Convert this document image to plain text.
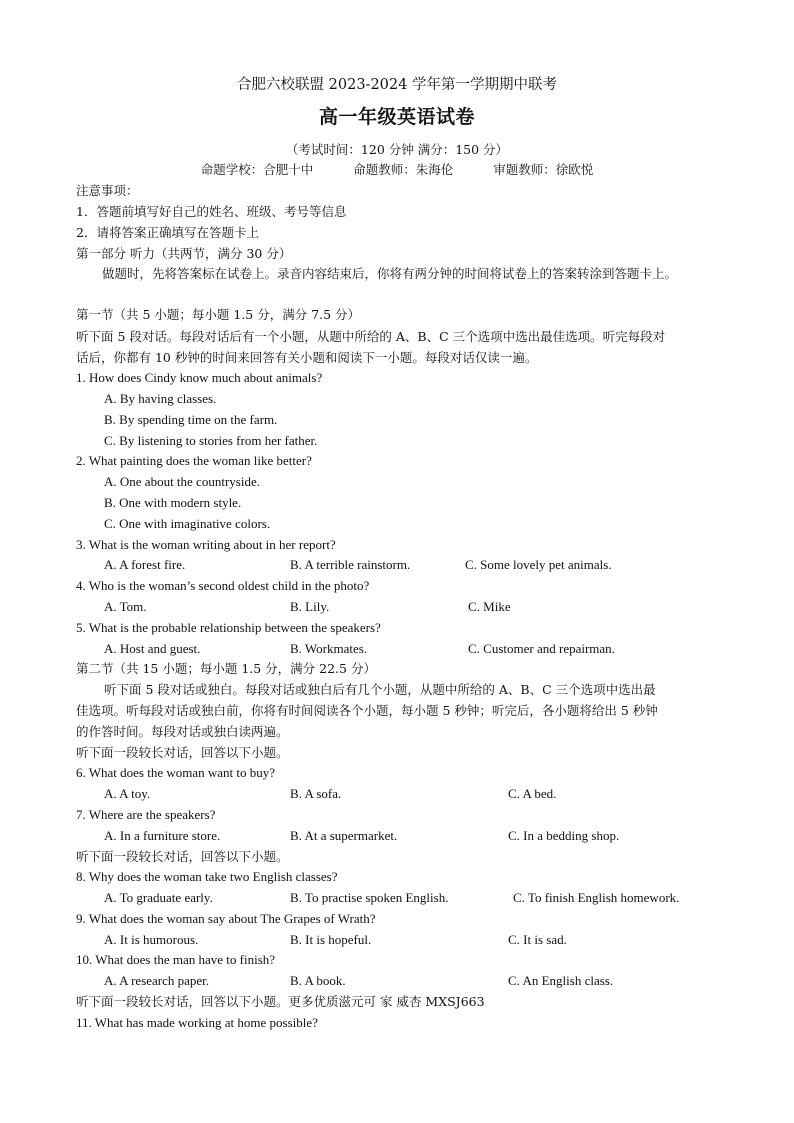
合肥六校联盟 2023-2024 学年第一学期期中联考
高一年级英语试卷
（考试时间：120 分钟 满分：150 分）
命题学校：合肥十中	命题教师：朱海伦	审题教师：徐欧悦
注意事项：
1．答题前填写好自己的姓名、班级、考号等信息
2．请将答案正确填写在答题卡上
第一部分 听力（共两节，满分 30 分）
做题时，先将答案标在试卷上。录音内容结束后，你将有两分钟的时间将试卷上的答案转涂到答题卡上。
第一节（共 5 小题；每小题 1.5 分，满分 7.5 分）
听下面 5 段对话。每段对话后有一个小题，从题中所给的 A、B、C 三个选项中选出最佳选项。听完每段对
话后，你都有 10 秒钟的时间来回答有关小题和阅读下一小题。每段对话仅读一遍。
1. How does Cindy know much about animals?
A. By having classes.
B. By spending time on the farm.
C. By listening to stories from her father.
2. What painting does the woman like better?
A. One about the countryside.
B. One with modern style.
C. One with imaginative colors.
3. What is the woman writing about in her report?
A. A forest fire.	B. A terrible rainstorm.	C. Some lovely pet animals.
4. Who is the woman’s second oldest child in the photo?
A. Tom.	B. Lily.	C. Mike
5. What is the probable relationship between the speakers?
A. Host and guest.	B. Workmates.	C. Customer and repairman.
第二节（共 15 小题；每小题 1.5 分，满分 22.5 分）
听下面 5 段对话或独白。每段对话或独白后有几个小题，从题中所给的 A、B、C 三个选项中选出最
佳选项。听每段对话或独白前，你将有时间阅读各个小题，每小题 5 秒钟；听完后，各小题将给出 5 秒钟
的作答时间。每段对话或独白读两遍。
听下面一段较长对话，回答以下小题。
6. What does the woman want to buy?
A. A toy.	B. A sofa.	C. A bed.
7. Where are the speakers?
A. In a furniture store.	B. At a supermarket.	C. In a bedding shop.
听下面一段较长对话，回答以下小题。
8. Why does the woman take two English classes?
A. To graduate early.	B. To practise spoken English.	C. To finish English homework.
9. What does the woman say about The Grapes of Wrath?
A. It is humorous.	B. It is hopeful.	C. It is sad.
10. What does the man have to finish?
A. A research paper.	B. A book.	C. An English class.
听下面一段较长对话，回答以下小题。更多优质滋元可 家 威杏 MXSJ663
11. What has made working at home possible?
